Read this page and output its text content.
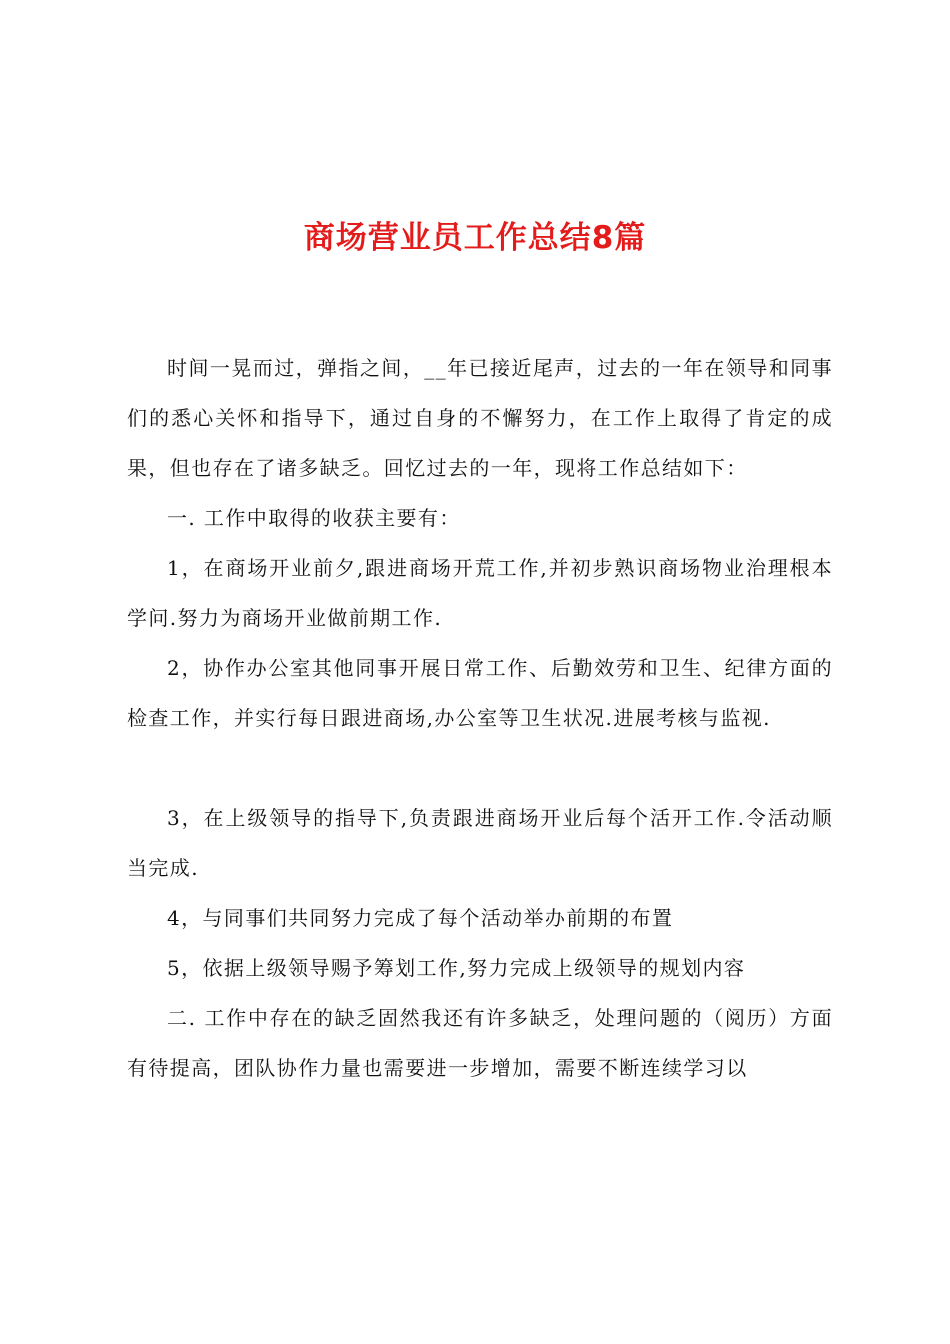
商场营业员工作总结8篇

时间一晃而过，弹指之间，__年已接近尾声，过去的一年在领导和同事们的悉心关怀和指导下，通过自身的不懈努力，在工作上取得了肯定的成果，但也存在了诸多缺乏。回忆过去的一年，现将工作总结如下：

一. 工作中取得的收获主要有：

1，在商场开业前夕,跟进商场开荒工作,并初步熟识商场物业治理根本学问.努力为商场开业做前期工作.

2，协作办公室其他同事开展日常工作、后勤效劳和卫生、纪律方面的检查工作，并实行每日跟进商场,办公室等卫生状况.进展考核与监视.

3，在上级领导的指导下,负责跟进商场开业后每个活开工作.令活动顺当完成.

4，与同事们共同努力完成了每个活动举办前期的布置

5，依据上级领导赐予筹划工作,努力完成上级领导的规划内容

二. 工作中存在的缺乏固然我还有许多缺乏，处理问题的（阅历）方面有待提高，团队协作力量也需要进一步增加，需要不断连续学习以
